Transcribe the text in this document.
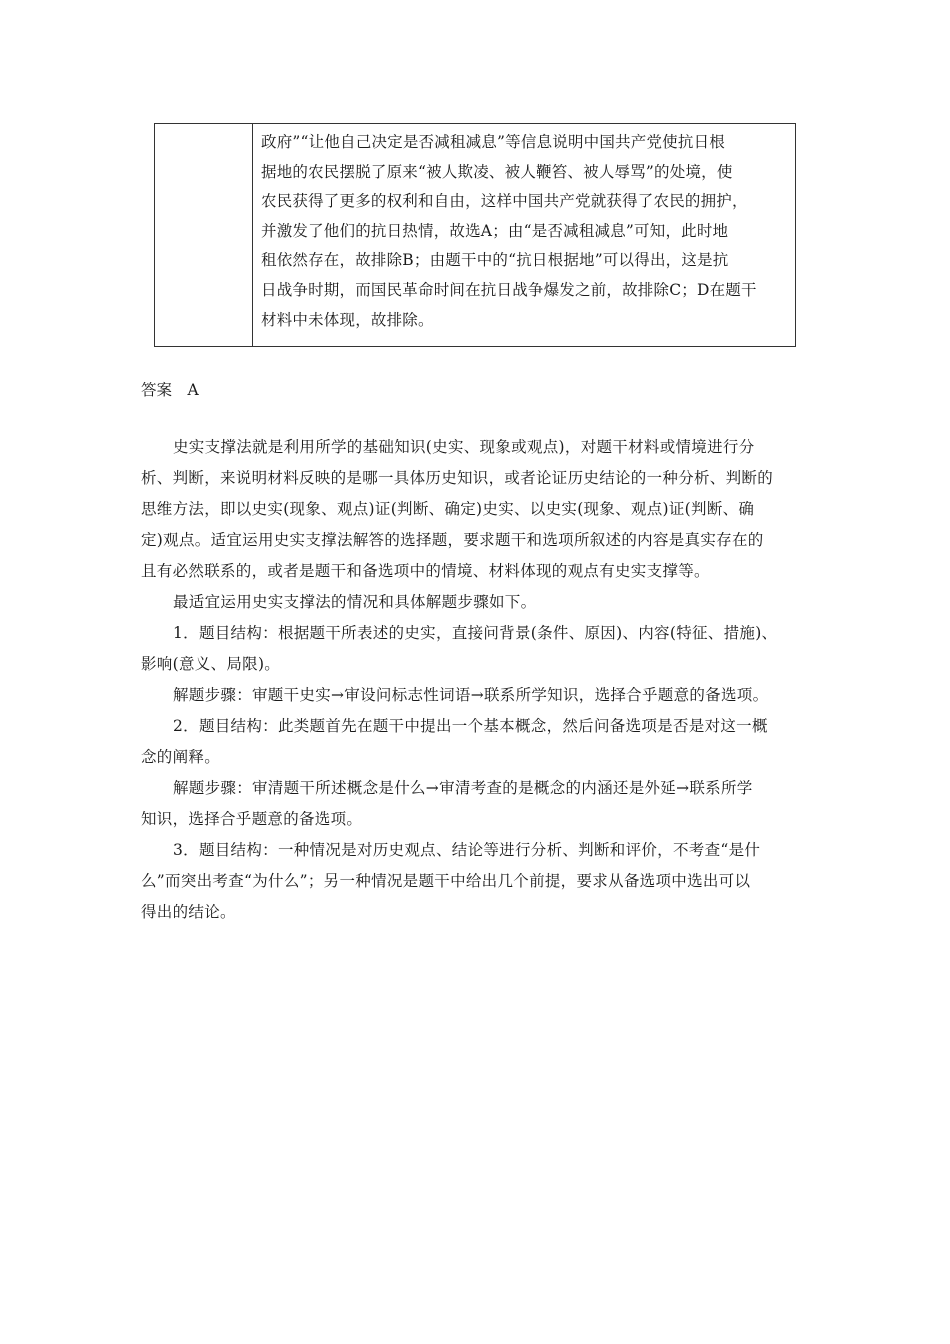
政府”“让他自己决定是否减租减息”等信息说明中国共产党使抗日根
据地的农民摆脱了原来“被人欺凌、被人鞭笞、被人辱骂”的处境，使
农民获得了更多的权利和自由，这样中国共产党就获得了农民的拥护，
并激发了他们的抗日热情，故选A；由“是否减租减息”可知，此时地
租依然存在，故排除B；由题干中的“抗日根据地”可以得出，这是抗
日战争时期，而国民革命时间在抗日战争爆发之前，故排除C；D在题干
材料中未体现，故排除。
答案　A
史实支撑法就是利用所学的基础知识(史实、现象或观点)，对题干材料或情境进行分
析、判断，来说明材料反映的是哪一具体历史知识，或者论证历史结论的一种分析、判断的
思维方法，即以史实(现象、观点)证(判断、确定)史实、以史实(现象、观点)证(判断、确
定)观点。适宜运用史实支撑法解答的选择题，要求题干和选项所叙述的内容是真实存在的
且有必然联系的，或者是题干和备选项中的情境、材料体现的观点有史实支撑等。
最适宜运用史实支撑法的情况和具体解题步骤如下。
1．题目结构：根据题干所表述的史实，直接问背景(条件、原因)、内容(特征、措施)、
影响(意义、局限)。
解题步骤：审题干史实→审设问标志性词语→联系所学知识，选择合乎题意的备选项。
2．题目结构：此类题首先在题干中提出一个基本概念，然后问备选项是否是对这一概
念的阐释。
解题步骤：审清题干所述概念是什么→审清考查的是概念的内涵还是外延→联系所学
知识，选择合乎题意的备选项。
3．题目结构：一种情况是对历史观点、结论等进行分析、判断和评价，不考查“是什
么”而突出考查“为什么”；另一种情况是题干中给出几个前提，要求从备选项中选出可以
得出的结论。
